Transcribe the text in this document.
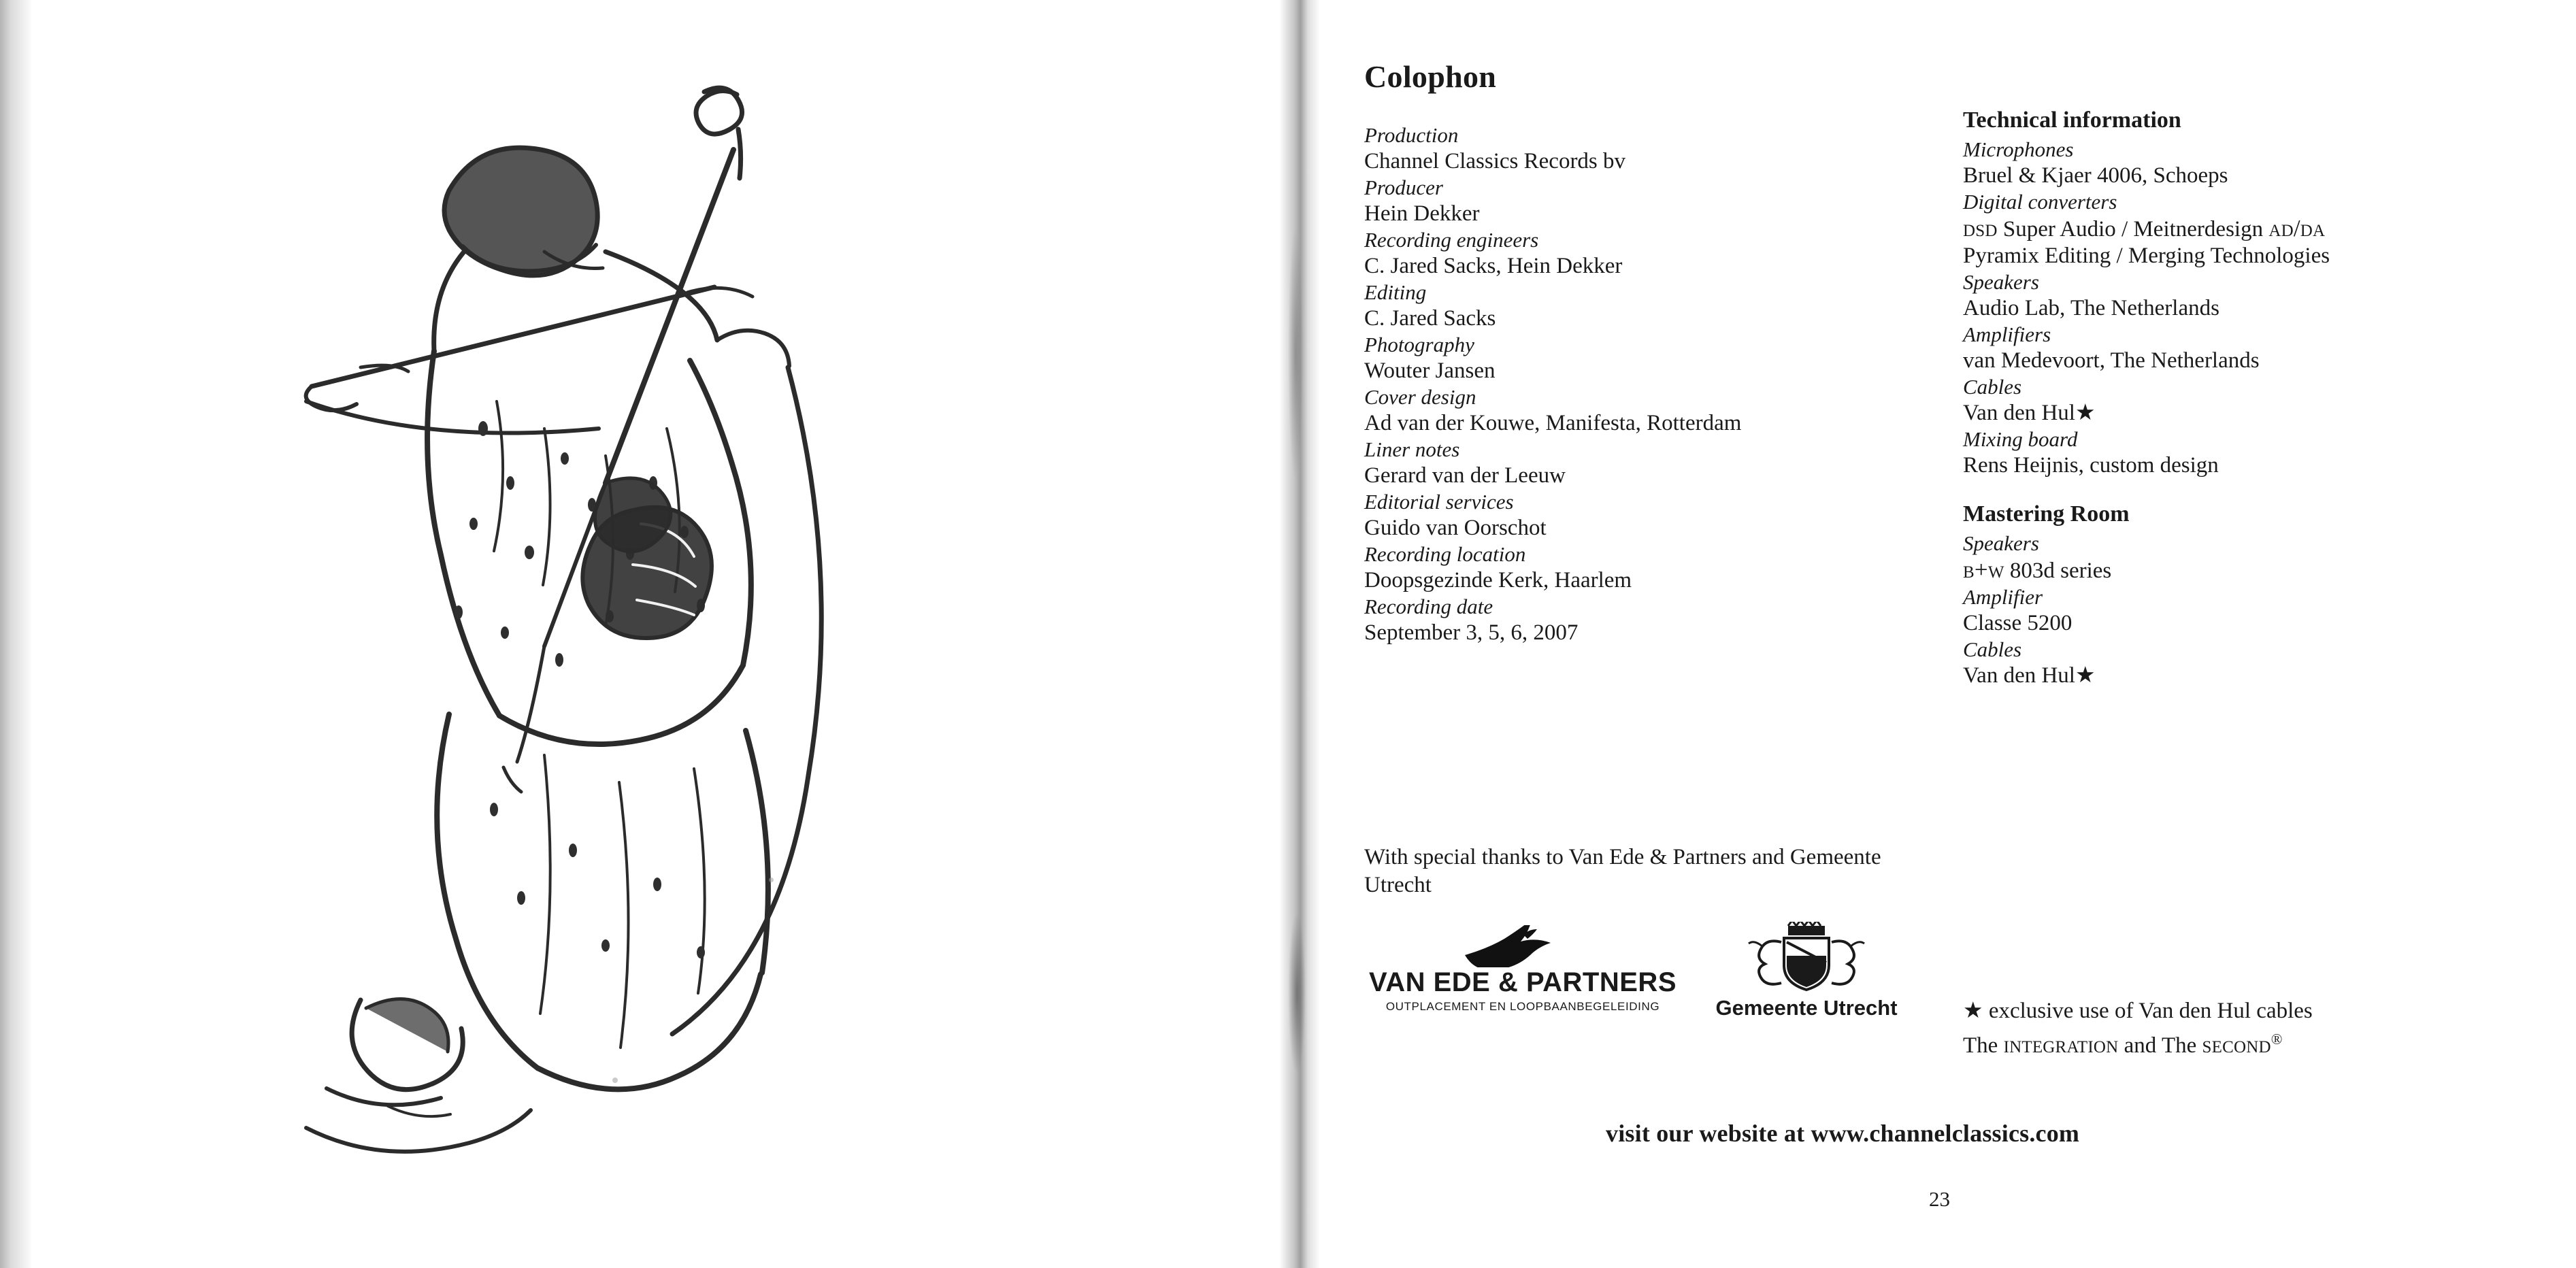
Colophon
Production
Channel Classics Records bv
Producer
Hein Dekker
Recording engineers
C. Jared Sacks, Hein Dekker
Editing
C. Jared Sacks
Photography
Wouter Jansen
Cover design
Ad van der Kouwe, Manifesta, Rotterdam
Liner notes
Gerard van der Leeuw
Editorial services
Guido van Oorschot
Recording location
Doopsgezinde Kerk, Haarlem
Recording date
September 3, 5, 6, 2007
With special thanks to Van Ede & Partners and Gemeente Utrecht
Technical information
Microphones
Bruel & Kjaer 4006, Schoeps
Digital converters
dsd Super Audio / Meitnerdesign ad/da
Pyramix Editing / Merging Technologies
Speakers
Audio Lab, The Netherlands
Amplifiers
van Medevoort, The Netherlands
Cables
Van den Hul★
Mixing board
Rens Heijnis, custom design
Mastering Room
Speakers
b+w 803d series
Amplifier
Classe 5200
Cables
Van den Hul★
VAN EDE & PARTNERS
OUTPLACEMENT EN LOOPBAANBEGELEIDING	Gemeente Utrecht	★ exclusive use of Van den Hul cables
The integration and The second®
visit our website at www.channelclassics.com
23
